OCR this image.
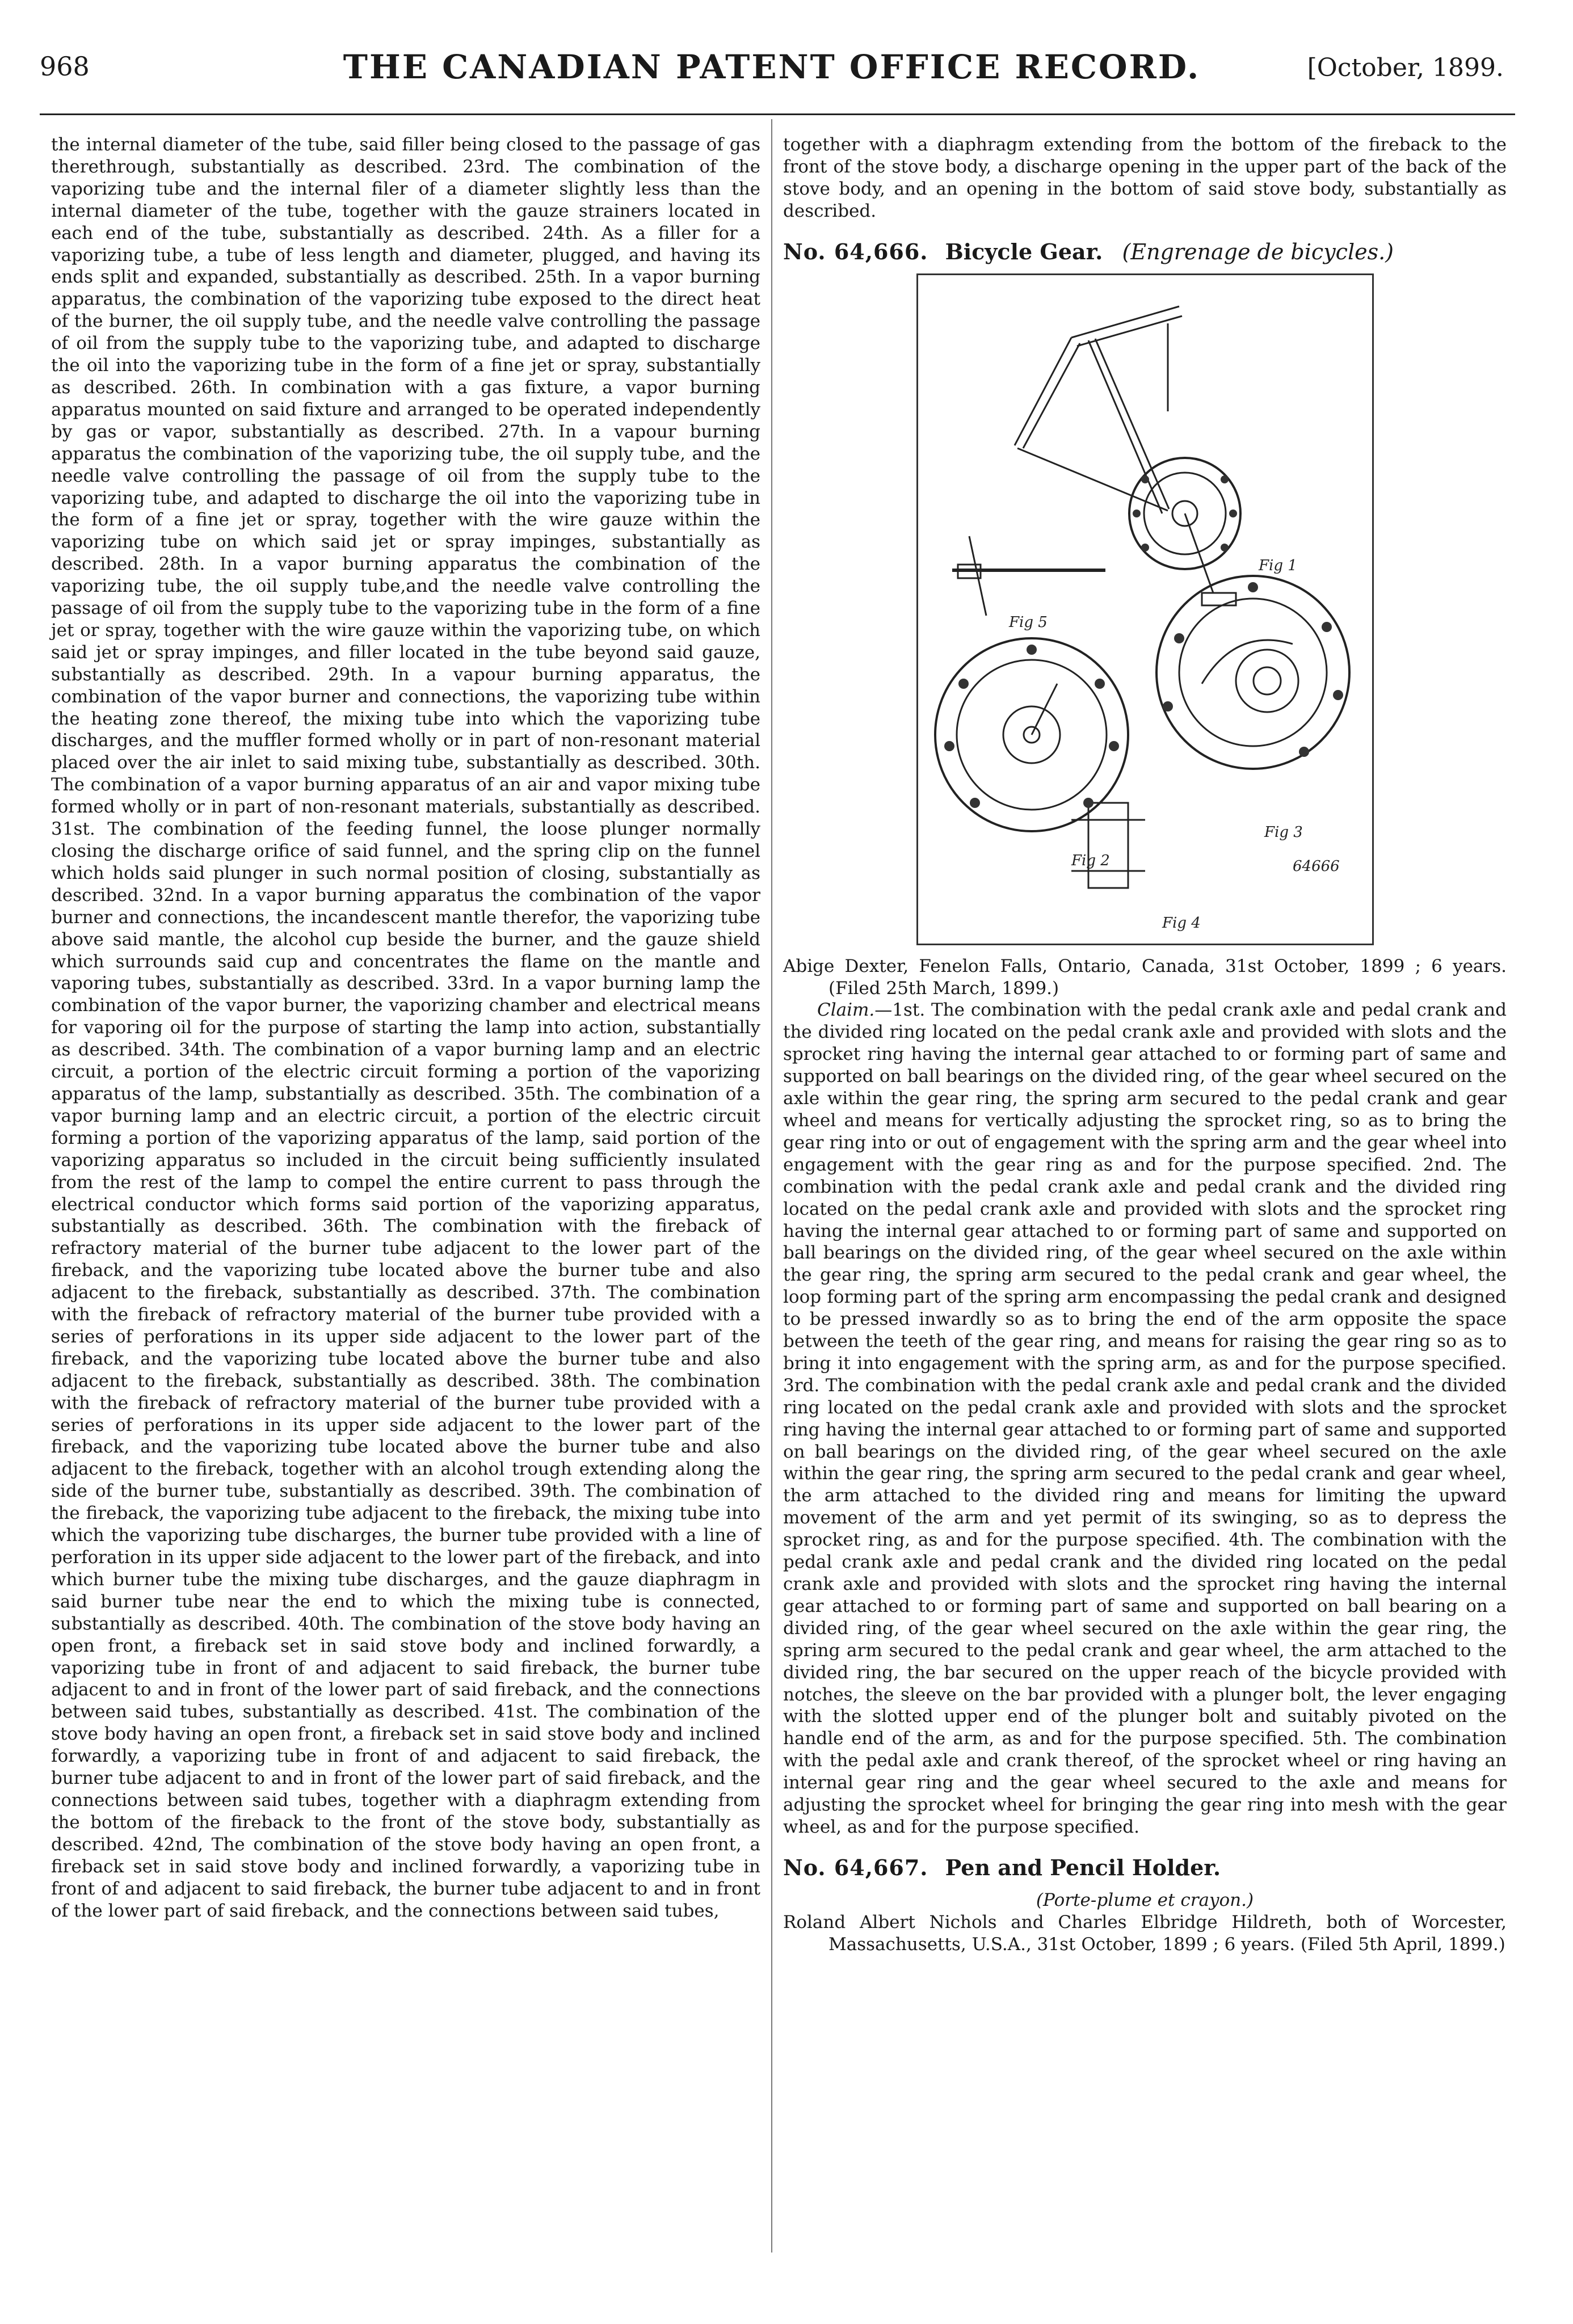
968	THE CANADIAN PATENT OFFICE RECORD.	[October, 1899.

the internal diameter of the tube, said filler being closed to the passage of gas therethrough, substantially as described. 23rd. The combination of the vaporizing tube and the internal filer of a diameter slightly less than the internal diameter of the tube, together with the gauze strainers located in each end of the tube, substantially as described. 24th. As a filler for a vaporizing tube, a tube of less length and diameter, plugged, and having its ends split and expanded, substantially as described. 25th. In a vapor burning apparatus, the combination of the vaporizing tube exposed to the direct heat of the burner, the oil supply tube, and the needle valve controlling the passage of oil from the supply tube to the vaporizing tube, and adapted to discharge the oil into the vaporizing tube in the form of a fine jet or spray, substantially as described. 26th. In combination with a gas fixture, a vapor burning apparatus mounted on said fixture and arranged to be operated independently by gas or vapor, substantially as described. 27th. In a vapour burning apparatus the combination of the vaporizing tube, the oil supply tube, and the needle valve controlling the passage of oil from the supply tube to the vaporizing tube, and adapted to discharge the oil into the vaporizing tube in the form of a fine jet or spray, together with the wire gauze within the vaporizing tube on which said jet or spray impinges, substantially as described. 28th. In a vapor burning apparatus the combination of the vaporizing tube, the oil supply tube,and the needle valve controlling the passage of oil from the supply tube to the vaporizing tube in the form of a fine jet or spray, together with the wire gauze within the vaporizing tube, on which said jet or spray impinges, and filler located in the tube beyond said gauze, substantially as described. 29th. In a vapour burning apparatus, the combination of the vapor burner and connections, the vaporizing tube within the heating zone thereof, the mixing tube into which the vaporizing tube discharges, and the muffler formed wholly or in part of non-resonant material placed over the air inlet to said mixing tube, substantially as described. 30th. The combination of a vapor burning apparatus of an air and vapor mixing tube formed wholly or in part of non-resonant materials, substantially as described. 31st. The combination of the feeding funnel, the loose plunger normally closing the discharge orifice of said funnel, and the spring clip on the funnel which holds said plunger in such normal position of closing, substantially as described. 32nd. In a vapor burning apparatus the combination of the vapor burner and connections, the incandescent mantle therefor, the vaporizing tube above said mantle, the alcohol cup beside the burner, and the gauze shield which surrounds said cup and concentrates the flame on the mantle and vaporing tubes, substantially as described. 33rd. In a vapor burning lamp the combination of the vapor burner, the vaporizing chamber and electrical means for vaporing oil for the purpose of starting the lamp into action, substantially as described. 34th. The combination of a vapor burning lamp and an electric circuit, a portion of the electric circuit forming a portion of the vaporizing apparatus of the lamp, substantially as described. 35th. The combination of a vapor burning lamp and an electric circuit, a portion of the electric circuit forming a portion of the vaporizing apparatus of the lamp, said portion of the vaporizing apparatus so included in the circuit being sufficiently insulated from the rest of the lamp to compel the entire current to pass through the electrical conductor which forms said portion of the vaporizing apparatus, substantially as described. 36th. The combination with the fireback of refractory material of the burner tube adjacent to the lower part of the fireback, and the vaporizing tube located above the burner tube and also adjacent to the fireback, substantially as described. 37th. The combination with the fireback of refractory material of the burner tube provided with a series of perforations in its upper side adjacent to the lower part of the fireback, and the vaporizing tube located above the burner tube and also adjacent to the fireback, substantially as described. 38th. The combination with the fireback of refractory material of the burner tube provided with a series of perforations in its upper side adjacent to the lower part of the fireback, and the vaporizing tube located above the burner tube and also adjacent to the fireback, together with an alcohol trough extending along the side of the burner tube, substantially as described. 39th. The combination of the fireback, the vaporizing tube adjacent to the fireback, the mixing tube into which the vaporizing tube discharges, the burner tube provided with a line of perforation in its upper side adjacent to the lower part of the fireback, and into which burner tube the mixing tube discharges, and the gauze diaphragm in said burner tube near the end to which the mixing tube is connected, substantially as described. 40th. The combination of the stove body having an open front, a fireback set in said stove body and inclined forwardly, a vaporizing tube in front of and adjacent to said fireback, the burner tube adjacent to and in front of the lower part of said fireback, and the connections between said tubes, substantially as described. 41st. The combination of the stove body having an open front, a fireback set in said stove body and inclined forwardly, a vaporizing tube in front of and adjacent to said fireback, the burner tube adjacent to and in front of the lower part of said fireback, and the connections between said tubes, together with a diaphragm extending from the bottom of the fireback to the front of the stove body, substantially as described. 42nd, The combination of the stove body having an open front, a fireback set in said stove body and inclined forwardly, a vaporizing tube in front of and adjacent to said fireback, the burner tube adjacent to and in front of the lower part of said fireback, and the connections between said tubes,

together with a diaphragm extending from the bottom of the fireback to the front of the stove body, a discharge opening in the upper part of the back of the stove body, and an opening in the bottom of said stove body, substantially as described.

No. 64,666. Bicycle Gear. (Engrenage de bicycles.)
Fig 1
Fig 5
Fig 2
Fig 3
Fig 4
64666

Abige Dexter, Fenelon Falls, Ontario, Canada, 31st October, 1899 ; 6 years. (Filed 25th March, 1899.)

Claim.—1st. The combination with the pedal crank axle and pedal crank and the divided ring located on the pedal crank axle and provided with slots and the sprocket ring having the internal gear attached to or forming part of same and supported on ball bearings on the divided ring, of the gear wheel secured on the axle within the gear ring, the spring arm secured to the pedal crank and gear wheel and means for vertically adjusting the sprocket ring, so as to bring the gear ring into or out of engagement with the spring arm and the gear wheel into engagement with the gear ring as and for the purpose specified. 2nd. The combination with the pedal crank axle and pedal crank and the divided ring located on the pedal crank axle and provided with slots and the sprocket ring having the internal gear attached to or forming part of same and supported on ball bearings on the divided ring, of the gear wheel secured on the axle within the gear ring, the spring arm secured to the pedal crank and gear wheel, the loop forming part of the spring arm encompassing the pedal crank and designed to be pressed inwardly so as to bring the end of the arm opposite the space between the teeth of the gear ring, and means for raising the gear ring so as to bring it into engagement with the spring arm, as and for the purpose specified. 3rd. The combination with the pedal crank axle and pedal crank and the divided ring located on the pedal crank axle and provided with slots and the sprocket ring having the internal gear attached to or forming part of same and supported on ball bearings on the divided ring, of the gear wheel secured on the axle within the gear ring, the spring arm secured to the pedal crank and gear wheel, the arm attached to the divided ring and means for limiting the upward movement of the arm and yet permit of its swinging, so as to depress the sprocket ring, as and for the purpose specified. 4th. The combination with the pedal crank axle and pedal crank and the divided ring located on the pedal crank axle and provided with slots and the sprocket ring having the internal gear attached to or forming part of same and supported on ball bearing on a divided ring, of the gear wheel secured on the axle within the gear ring, the spring arm secured to the pedal crank and gear wheel, the arm attached to the divided ring, the bar secured on the upper reach of the bicycle provided with notches, the sleeve on the bar provided with a plunger bolt, the lever engaging with the slotted upper end of the plunger bolt and suitably pivoted on the handle end of the arm, as and for the purpose specified. 5th. The combination with the pedal axle and crank thereof, of the sprocket wheel or ring having an internal gear ring and the gear wheel secured to the axle and means for adjusting the sprocket wheel for bringing the gear ring into mesh with the gear wheel, as and for the purpose specified.

No. 64,667. Pen and Pencil Holder.

(Porte-plume et crayon.)

Roland Albert Nichols and Charles Elbridge Hildreth, both of Worcester, Massachusetts, U.S.A., 31st October, 1899 ; 6 years. (Filed 5th April, 1899.)
